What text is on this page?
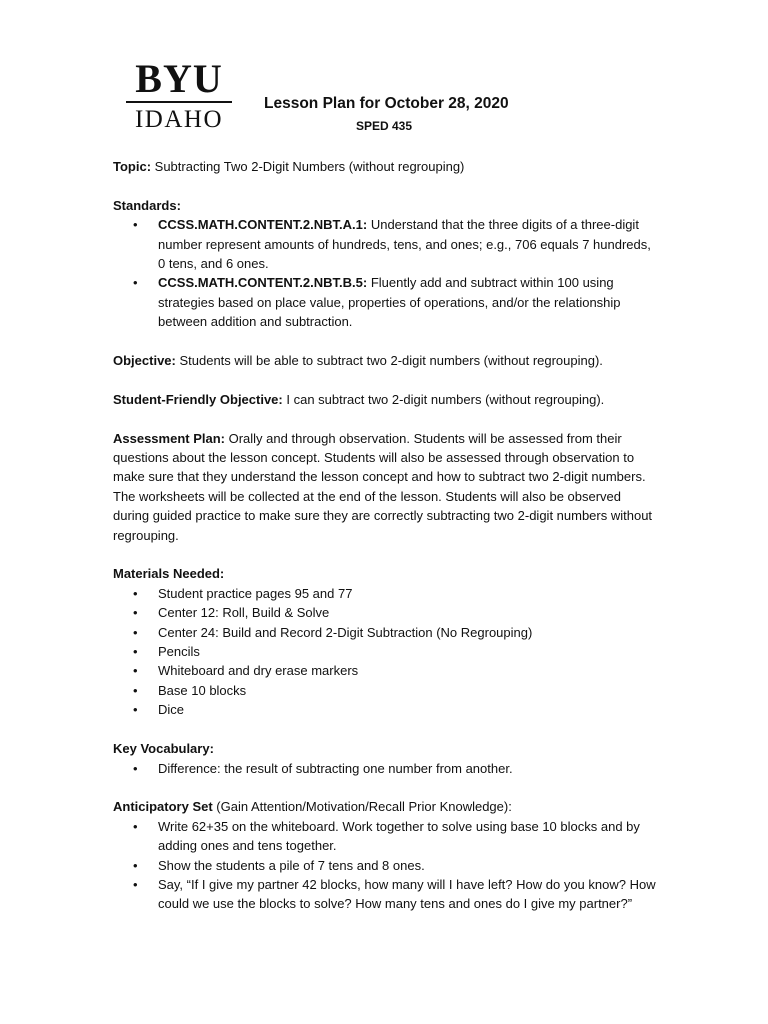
BYU
IDAHO
Lesson Plan for October 28, 2020
SPED 435

Topic: Subtracting Two 2-Digit Numbers (without regrouping)

Standards:

• CCSS.MATH.CONTENT.2.NBT.A.1: Understand that the three digits of a three-digit number represent amounts of hundreds, tens, and ones; e.g., 706 equals 7 hundreds, 0 tens, and 6 ones.
• CCSS.MATH.CONTENT.2.NBT.B.5: Fluently add and subtract within 100 using strategies based on place value, properties of operations, and/or the relationship between addition and subtraction.

Objective: Students will be able to subtract two 2-digit numbers (without regrouping).

Student-Friendly Objective: I can subtract two 2-digit numbers (without regrouping).

Assessment Plan: Orally and through observation. Students will be assessed from their questions about the lesson concept. Students will also be assessed through observation to make sure that they understand the lesson concept and how to subtract two 2-digit numbers. The worksheets will be collected at the end of the lesson. Students will also be observed during guided practice to make sure they are correctly subtracting two 2-digit numbers without regrouping.

Materials Needed:

• Student practice pages 95 and 77
• Center 12: Roll, Build & Solve
• Center 24: Build and Record 2-Digit Subtraction (No Regrouping)
• Pencils
• Whiteboard and dry erase markers
• Base 10 blocks
• Dice

Key Vocabulary:

• Difference: the result of subtracting one number from another.

Anticipatory Set (Gain Attention/Motivation/Recall Prior Knowledge):

• Write 62+35 on the whiteboard. Work together to solve using base 10 blocks and by adding ones and tens together.
• Show the students a pile of 7 tens and 8 ones.
• Say, “If I give my partner 42 blocks, how many will I have left? How do you know? How could we use the blocks to solve? How many tens and ones do I give my partner?”
